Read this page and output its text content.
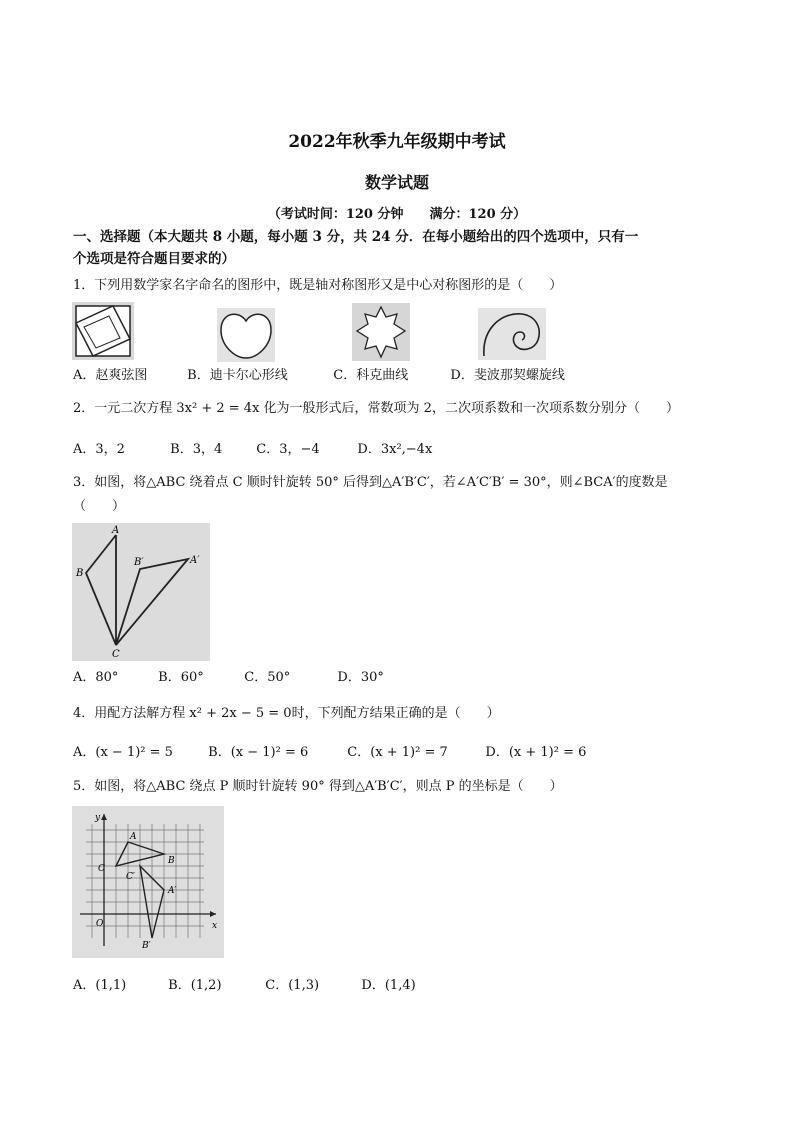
2022年秋季九年级期中考试
数学试题
（考试时间：120 分钟　　满分：120 分）
一、选择题（本大题共 8 小题，每小题 3 分，共 24 分．在每小题给出的四个选项中，只有一
个选项是符合题目要求的）
1．下列用数学家名字命名的图形中，既是轴对称图形又是中心对称图形的是（　　）
A．赵爽弦图	B．迪卡尔心形线	C．科克曲线	D．斐波那契螺旋线
2．一元二次方程 3x² + 2 = 4x 化为一般形式后，常数项为 2，二次项系数和一次项系数分别分（　　）
A．3，2	B．3，4	C．3，−4	D．3x²,−4x
3．如图，将△ABC 绕着点 C 顺时针旋转 50° 后得到△A′B′C′，若∠A′C′B′ = 30°，则∠BCA′的度数是
（　　）
A
B
C
B′	A′
A．80°	B．60°	C．50°	D．30°
4．用配方法解方程 x² + 2x − 5 = 0时，下列配方结果正确的是（　　）
A．(x − 1)² = 5	B．(x − 1)² = 6	C．(x + 1)² = 7	D．(x + 1)² = 6
5．如图，将△ABC 绕点 P 顺时针旋转 90° 得到△A′B′C′，则点 P 的坐标是（　　）
y
x
O
A
B
C
C′
A′
B′
A．(1,1)	B．(1,2)	C．(1,3)	D．(1,4)
